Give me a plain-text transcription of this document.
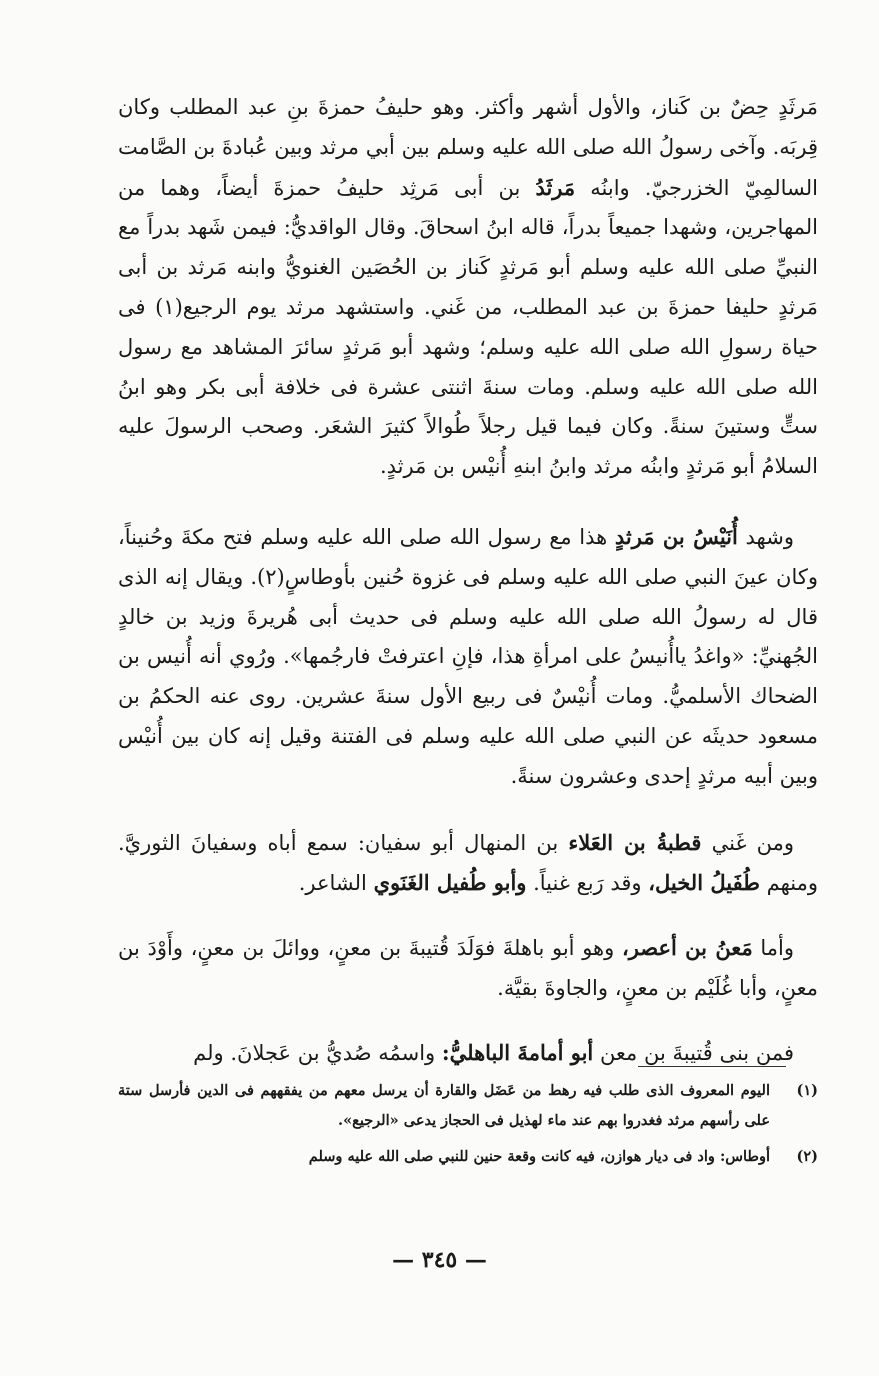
مَرثَدٍ حِضٌ بن كَناز، والأول أشهر وأكثر. وهو حليفُ حمزةَ بنِ عبد المطلب وكان قِربَه. وآخى رسولُ الله صلى الله عليه وسلم بين أبي مرثد وبين عُبادةَ بن الصَّامت السالمِيّ الخزرجيّ. وابنُه مَرثَدُ بن أبى مَرثِد حليفُ حمزةَ أيضاً، وهما من المهاجرين، وشهدا جميعاً بدراً، قاله ابنُ اسحاقَ. وقال الواقديُّ: فيمن شَهد بدراً مع النبيِّ صلى الله عليه وسلم أبو مَرثدٍ كَناز بن الحُصَين الغنويُّ وابنه مَرثد بن أبى مَرثدٍ حليفا حمزةَ بن عبد المطلب، من غَني. واستشهد مرثد يوم الرجيع(١) فى حياة رسولِ الله صلى الله عليه وسلم؛ وشهد أبو مَرثدٍ سائرَ المشاهد مع رسول الله صلى الله عليه وسلم. ومات سنةَ اثنتى عشرة فى خلافة أبى بكر وهو ابنُ ستٍّ وستينَ سنةً. وكان فيما قيل رجلاً طُوالاً كثيرَ الشعَر. وصحب الرسولَ عليه السلامُ أبو مَرثدٍ وابنُه مرثد وابنُ ابنهِ أُنيْس بن مَرثدٍ.

وشهد أُنَيْسُ بن مَرثدٍ هذا مع رسول الله صلى الله عليه وسلم فتح مكةَ وحُنيناً، وكان عينَ النبي صلى الله عليه وسلم فى غزوة حُنين بأوطاسٍ(٢). ويقال إنه الذى قال له رسولُ الله صلى الله عليه وسلم فى حديث أبى هُريرةَ وزيد بن خالدٍ الجُهنيِّ: «واغدُ ياأُنيسُ على امرأةِ هذا، فإنِ اعترفتْ فارجُمها». ورُوي أنه أُنيس بن الضحاك الأسلميُّ. ومات أُنيْسٌ فى ربيع الأول سنةَ عشرين. روى عنه الحكمُ بن مسعود حديثَه عن النبي صلى الله عليه وسلم فى الفتنة وقيل إنه كان بين أُنيْس وبين أبيه مرثدٍ إحدى وعشرون سنةً.

ومن غَني قطبةُ بن العَلاء بن المنهال أبو سفيان: سمع أباه وسفيانَ الثوريَّ. ومنهم طُفَيلُ الخيل، وقد رَبع غنياً. وأبو طُفيل الغَنَوي الشاعر.

وأما مَعنُ بن أعصر، وهو أبو باهلةَ فوَلَدَ قُتيبةَ بن معنٍ، ووائلَ بن معنٍ، وأَوْدَ بن معنٍ، وأبا غُلَيْم بن معنٍ، والجاوةَ بقيَّة.

فمن بنى قُتيبةَ بن معن أبو أمامةَ الباهليُّ: واسمُه صُديُّ بن عَجلانَ. ولم

(١)
اليوم المعروف الذى طلب فيه رهط من عَضَل والقارة أن يرسل معهم من يفقههم فى الدين فأرسل ستة على رأسهم مرثد فغدروا بهم عند ماء لهذيل فى الحجاز يدعى «الرجيع».
(٢)
أوطاس: واد فى ديار هوازن، فيه كانت وقعة حنين للنبي صلى الله عليه وسلم
— ٣٤٥ —
